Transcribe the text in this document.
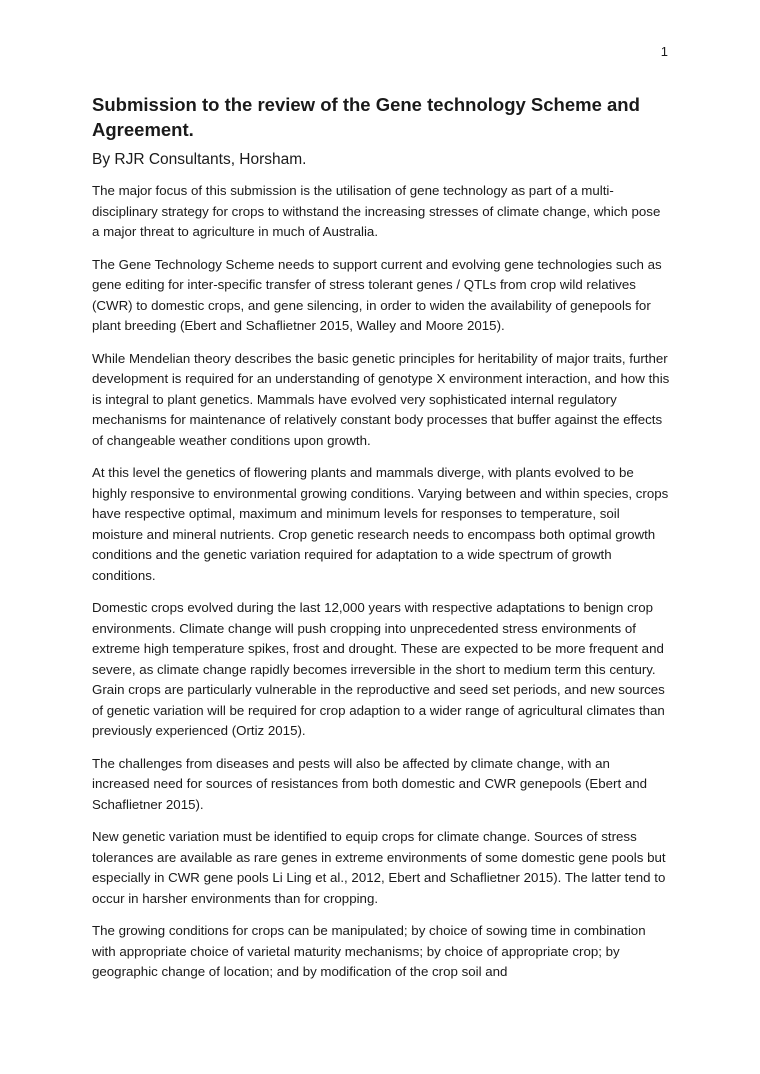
1
Submission to the review of the Gene technology Scheme and Agreement.
By RJR Consultants, Horsham.

The major focus of this submission is the utilisation of gene technology as part of a multi-disciplinary strategy for crops to withstand the increasing stresses of climate change, which pose a major threat to agriculture in much of Australia.

The Gene Technology Scheme needs to support current and evolving gene technologies such as gene editing for inter-specific transfer of stress tolerant genes / QTLs from crop wild relatives (CWR) to domestic crops, and gene silencing, in order to widen the availability of genepools for plant breeding (Ebert and Schaflietner 2015, Walley and Moore 2015).

While Mendelian theory describes the basic genetic principles for heritability of major traits, further development is required for an understanding of genotype X environment interaction, and how this is integral to plant genetics. Mammals have evolved very sophisticated internal regulatory mechanisms for maintenance of relatively constant body processes that buffer against the effects of changeable weather conditions upon growth.

At this level the genetics of flowering plants and mammals diverge, with plants evolved to be highly responsive to environmental growing conditions. Varying between and within species, crops have respective optimal, maximum and minimum levels for responses to temperature, soil moisture and mineral nutrients. Crop genetic research needs to encompass both optimal growth conditions and the genetic variation required for adaptation to a wide spectrum of growth conditions.

Domestic crops evolved during the last 12,000 years with respective adaptations to benign crop environments. Climate change will push cropping into unprecedented stress environments of extreme high temperature spikes, frost and drought. These are expected to be more frequent and severe, as climate change rapidly becomes irreversible in the short to medium term this century. Grain crops are particularly vulnerable in the reproductive and seed set periods, and new sources of genetic variation will be required for crop adaption to a wider range of agricultural climates than previously experienced (Ortiz 2015).

The challenges from diseases and pests will also be affected by climate change, with an increased need for sources of resistances from both domestic and CWR genepools (Ebert and Schaflietner 2015).

New genetic variation must be identified to equip crops for climate change. Sources of stress tolerances are available as rare genes in extreme environments of some domestic gene pools but especially in CWR gene pools Li Ling et al., 2012, Ebert and Schaflietner 2015). The latter tend to occur in harsher environments than for cropping.

The growing conditions for crops can be manipulated; by choice of sowing time in combination with appropriate choice of varietal maturity mechanisms; by choice of appropriate crop; by geographic change of location; and by modification of the crop soil and
